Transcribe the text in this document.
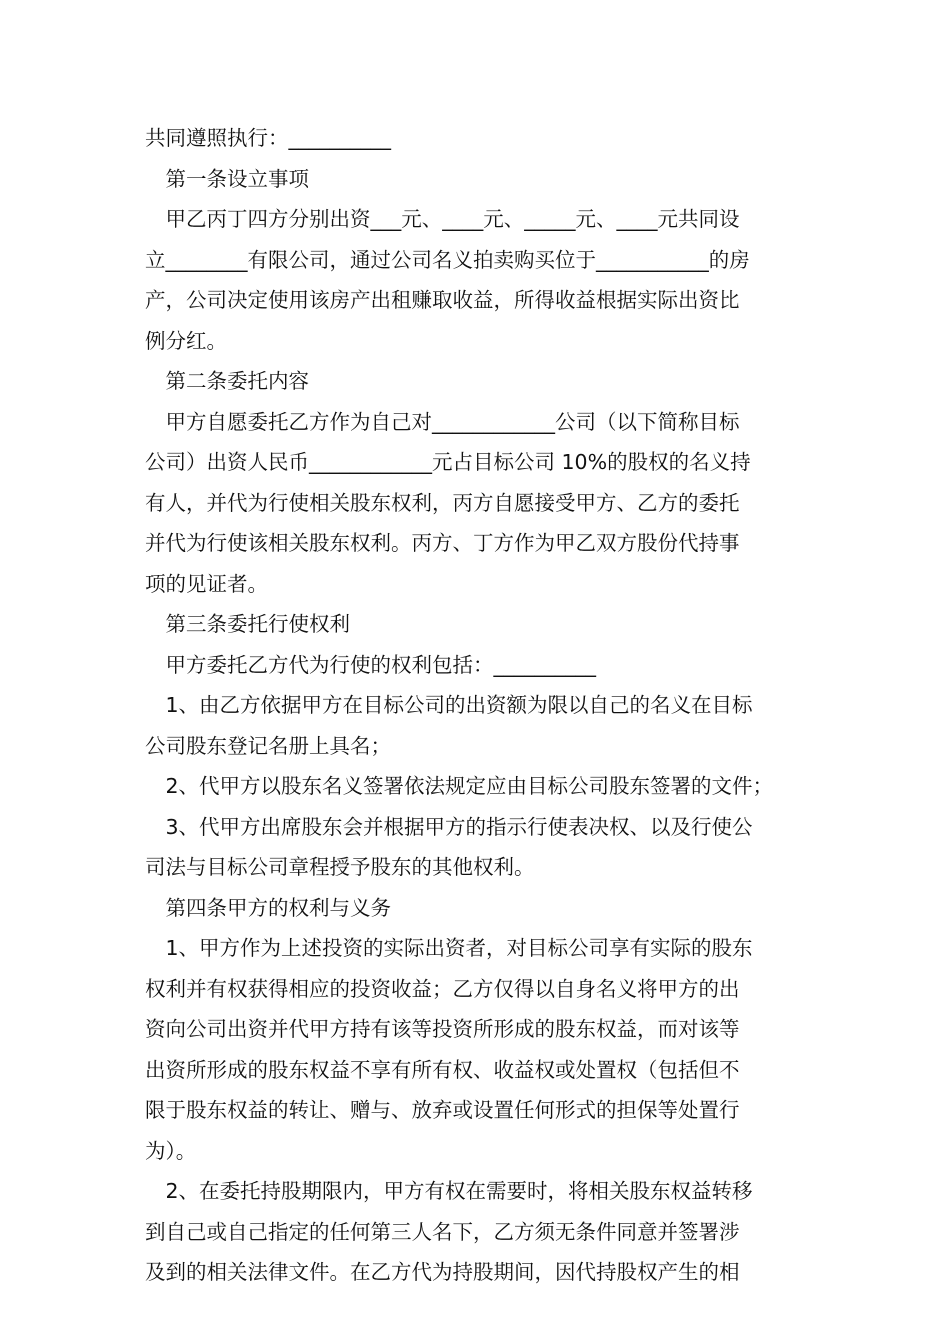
共同遵照执行：__________
　第一条设立事项
　甲乙丙丁四方分别出资___元、____元、_____元、____元共同设
立________有限公司，通过公司名义拍卖购买位于___________的房
产，公司决定使用该房产出租赚取收益，所得收益根据实际出资比
例分红。
　第二条委托内容
　甲方自愿委托乙方作为自己对____________公司（以下简称目标
公司）出资人民币____________元占目标公司 10%的股权的名义持
有人，并代为行使相关股东权利，丙方自愿接受甲方、乙方的委托
并代为行使该相关股东权利。丙方、丁方作为甲乙双方股份代持事
项的见证者。
　第三条委托行使权利
　甲方委托乙方代为行使的权利包括：__________
　1、由乙方依据甲方在目标公司的出资额为限以自己的名义在目标
公司股东登记名册上具名；
　2、代甲方以股东名义签署依法规定应由目标公司股东签署的文件；
　3、代甲方出席股东会并根据甲方的指示行使表决权、以及行使公
司法与目标公司章程授予股东的其他权利。
　第四条甲方的权利与义务
　1、甲方作为上述投资的实际出资者，对目标公司享有实际的股东
权利并有权获得相应的投资收益；乙方仅得以自身名义将甲方的出
资向公司出资并代甲方持有该等投资所形成的股东权益，而对该等
出资所形成的股东权益不享有所有权、收益权或处置权（包括但不
限于股东权益的转让、赠与、放弃或设置任何形式的担保等处置行
为）。
　2、在委托持股期限内，甲方有权在需要时，将相关股东权益转移
到自己或自己指定的任何第三人名下，乙方须无条件同意并签署涉
及到的相关法律文件。在乙方代为持股期间，因代持股权产生的相
